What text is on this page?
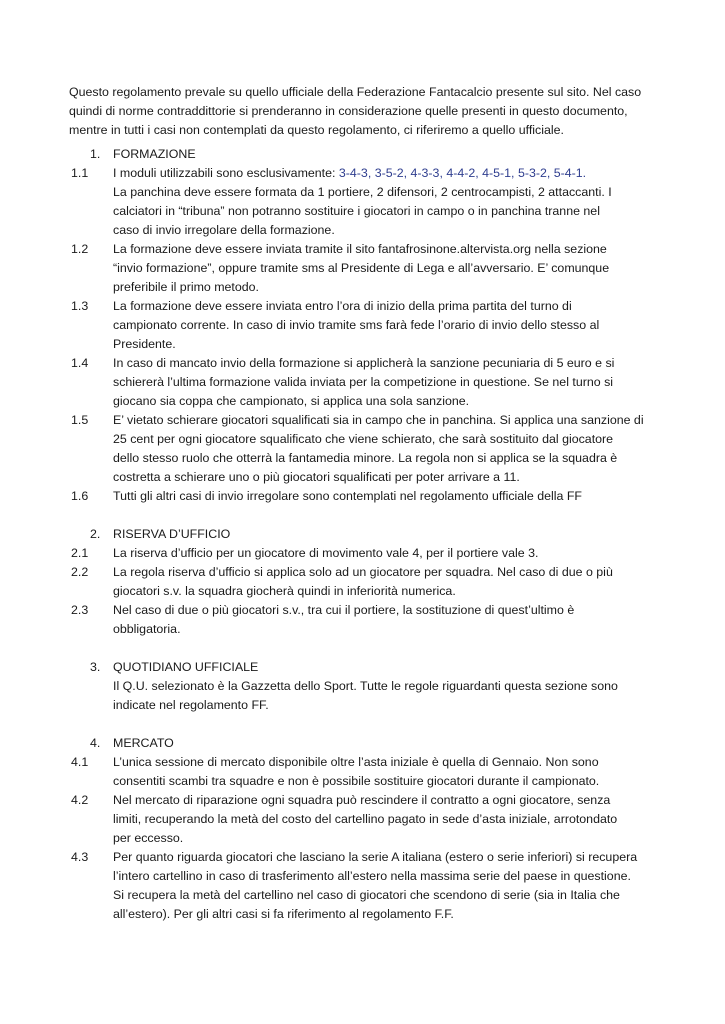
Questo regolamento prevale su quello ufficiale della Federazione Fantacalcio presente sul sito. Nel caso
quindi di norme contraddittorie si prenderanno in considerazione quelle presenti in questo documento,
mentre in tutti i casi non contemplati da questo regolamento, ci riferiremo a quello ufficiale.
1. FORMAZIONE
1.1 I moduli utilizzabili sono esclusivamente: 3-4-3, 3-5-2, 4-3-3, 4-4-2, 4-5-1, 5-3-2, 5-4-1.
La panchina deve essere formata da 1 portiere, 2 difensori, 2 centrocampisti, 2 attaccanti. I
calciatori in “tribuna” non potranno sostituire i giocatori in campo o in panchina tranne nel
caso di invio irregolare della formazione.
1.2 La formazione deve essere inviata tramite il sito fantafrosinone.altervista.org nella sezione
“invio formazione”, oppure tramite sms al Presidente di Lega e all’avversario. E’ comunque
preferibile il primo metodo.
1.3 La formazione deve essere inviata entro l’ora di inizio della prima partita del turno di
campionato corrente. In caso di invio tramite sms farà fede l’orario di invio dello stesso al
Presidente.
1.4 In caso di mancato invio della formazione si applicherà la sanzione pecuniaria di 5 euro e si
schiererà l’ultima formazione valida inviata per la competizione in questione. Se nel turno si
giocano sia coppa che campionato, si applica una sola sanzione.
1.5 E’ vietato schierare giocatori squalificati sia in campo che in panchina. Si applica una sanzione di
25 cent per ogni giocatore squalificato che viene schierato, che sarà sostituito dal giocatore
dello stesso ruolo che otterrà la fantamedia minore. La regola non si applica se la squadra è
costretta a schierare uno o più giocatori squalificati per poter arrivare a 11.
1.6 Tutti gli altri casi di invio irregolare sono contemplati nel regolamento ufficiale della FF
2. RISERVA D’UFFICIO
2.1 La riserva d’ufficio per un giocatore di movimento vale 4, per il portiere vale 3.
2.2 La regola riserva d’ufficio si applica solo ad un giocatore per squadra. Nel caso di due o più
giocatori s.v. la squadra giocherà quindi in inferiorità numerica.
2.3 Nel caso di due o più giocatori s.v., tra cui il portiere, la sostituzione di quest’ultimo è
obbligatoria.
3. QUOTIDIANO UFFICIALE
Il Q.U. selezionato è la Gazzetta dello Sport. Tutte le regole riguardanti questa sezione sono
indicate nel regolamento FF.
4. MERCATO
4.1 L’unica sessione di mercato disponibile oltre l’asta iniziale è quella di Gennaio. Non sono
consentiti scambi tra squadre e non è possibile sostituire giocatori durante il campionato.
4.2 Nel mercato di riparazione ogni squadra può rescindere il contratto a ogni giocatore, senza
limiti, recuperando la metà del costo del cartellino pagato in sede d’asta iniziale, arrotondato
per eccesso.
4.3 Per quanto riguarda giocatori che lasciano la serie A italiana (estero o serie inferiori) si recupera
l’intero cartellino in caso di trasferimento all’estero nella massima serie del paese in questione.
Si recupera la metà del cartellino nel caso di giocatori che scendono di serie (sia in Italia che
all’estero). Per gli altri casi si fa riferimento al regolamento F.F.
